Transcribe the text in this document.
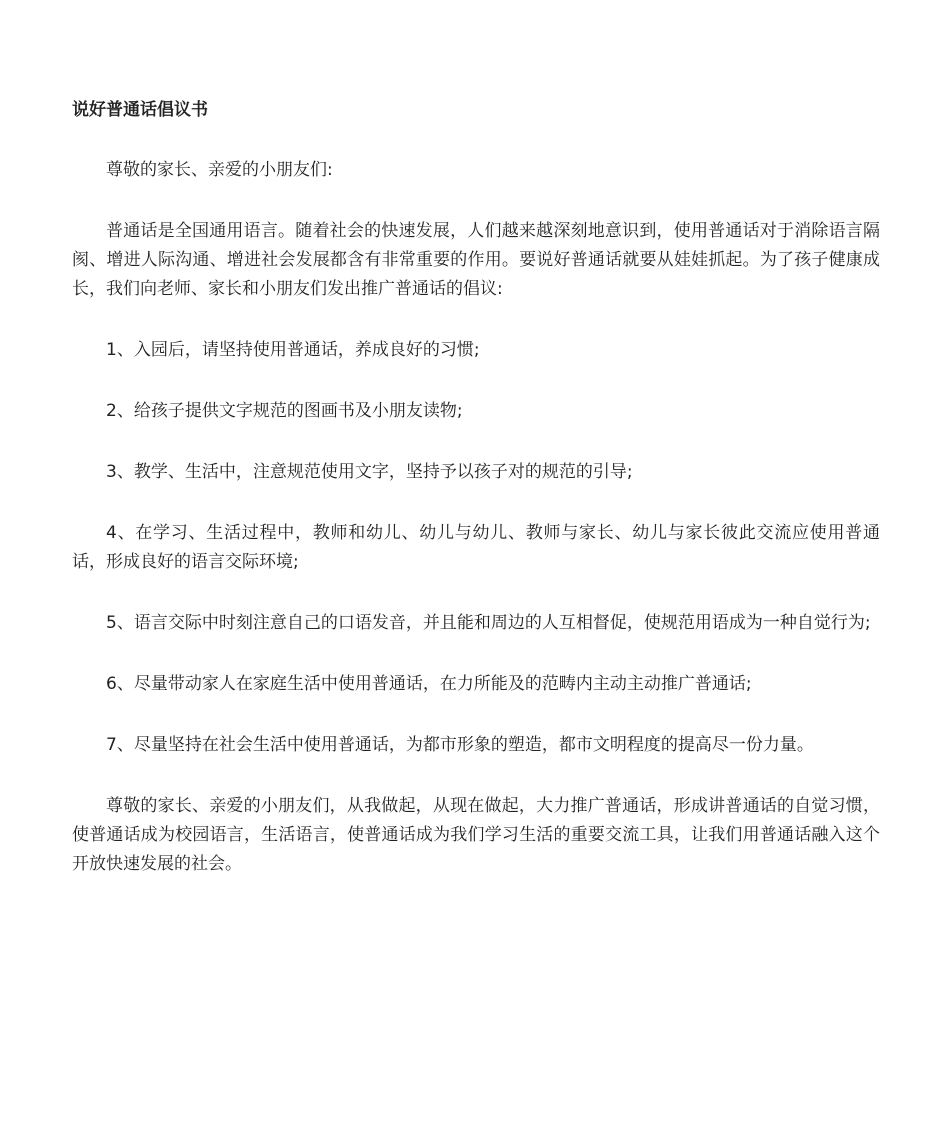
说好普通话倡议书

尊敬的家长、亲爱的小朋友们:

普通话是全国通用语言。随着社会的快速发展，人们越来越深刻地意识到，使用普通话对于消除语言隔阂、增进人际沟通、增进社会发展都含有非常重要的作用。要说好普通话就要从娃娃抓起。为了孩子健康成长，我们向老师、家长和小朋友们发出推广普通话的倡议:

1、入园后，请坚持使用普通话，养成良好的习惯;

2、给孩子提供文字规范的图画书及小朋友读物;

3、教学、生活中，注意规范使用文字，坚持予以孩子对的规范的引导;

4、在学习、生活过程中，教师和幼儿、幼儿与幼儿、教师与家长、幼儿与家长彼此交流应使用普通话，形成良好的语言交际环境;

5、语言交际中时刻注意自己的口语发音，并且能和周边的人互相督促，使规范用语成为一种自觉行为;

6、尽量带动家人在家庭生活中使用普通话，在力所能及的范畴内主动主动推广普通话;

7、尽量坚持在社会生活中使用普通话，为都市形象的塑造，都市文明程度的提高尽一份力量。

尊敬的家长、亲爱的小朋友们，从我做起，从现在做起，大力推广普通话，形成讲普通话的自觉习惯，使普通话成为校园语言，生活语言，使普通话成为我们学习生活的重要交流工具，让我们用普通话融入这个开放快速发展的社会。
